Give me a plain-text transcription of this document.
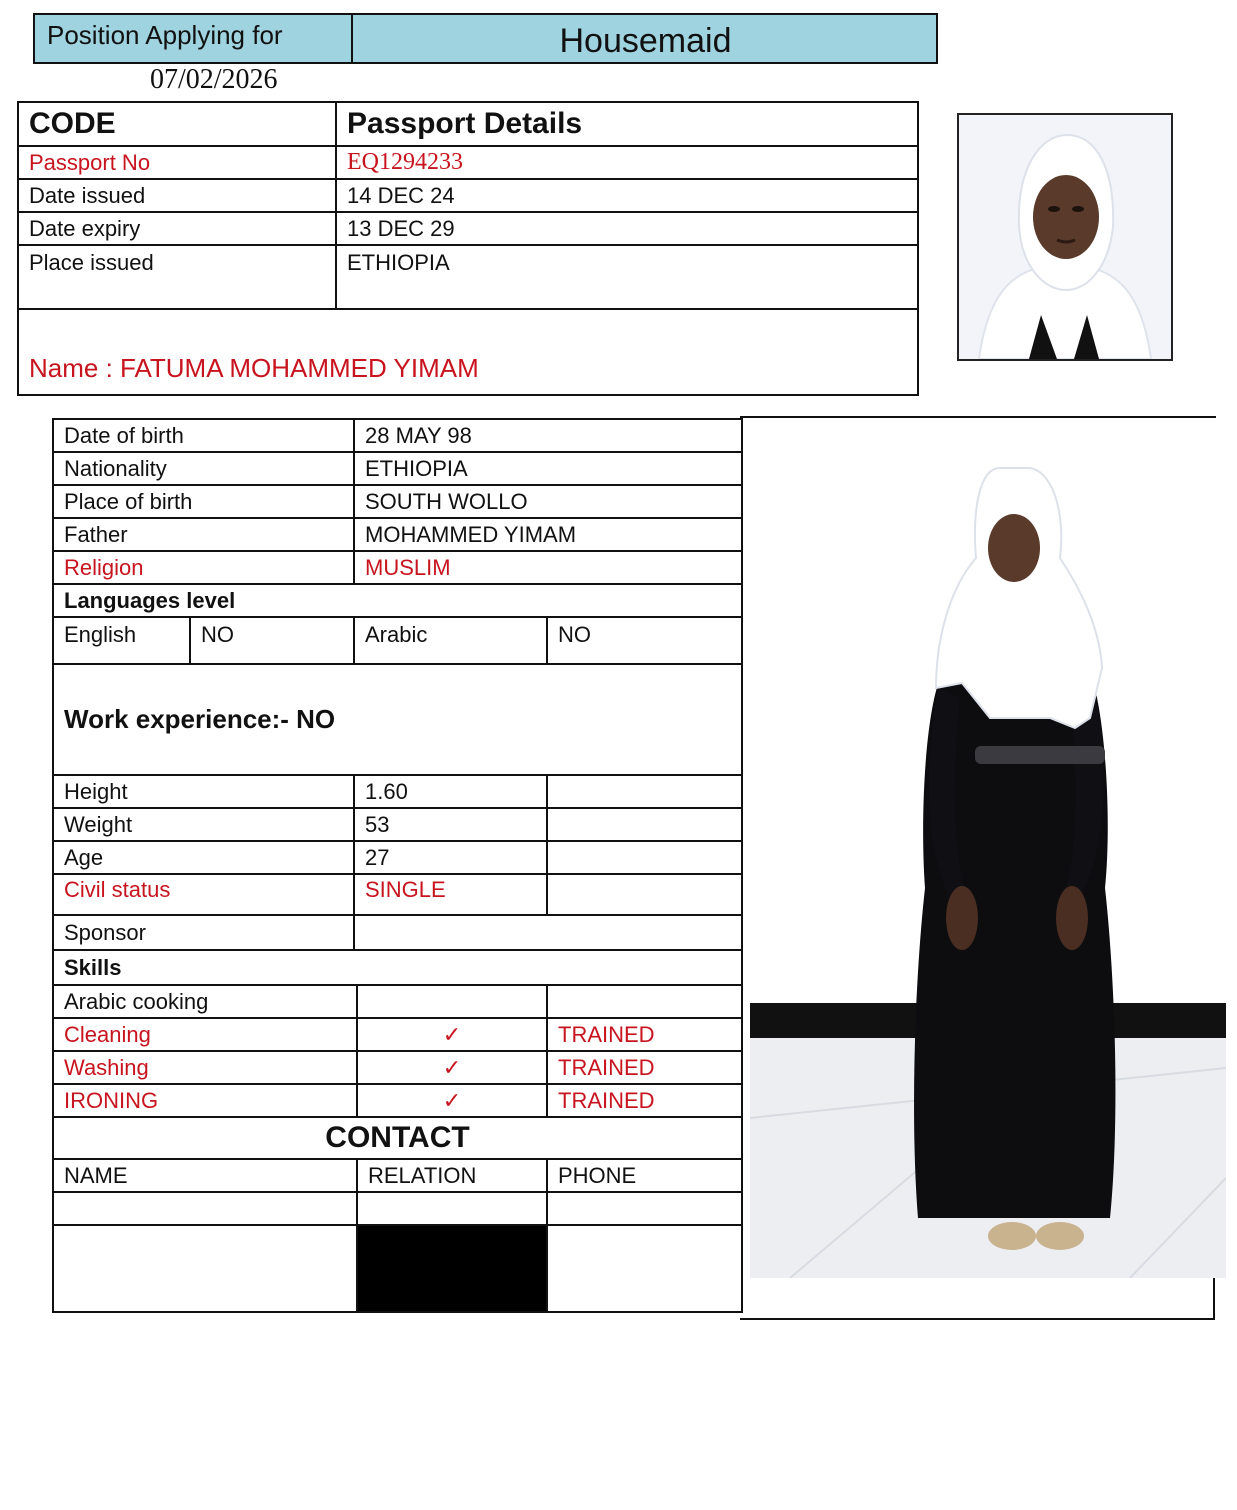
Position Applying for	Housemaid
07/02/2026
CODE	Passport Details
Passport No	EQ1294233
Date issued	14 DEC 24
Date expiry	13 DEC 29
Place issued	ETHIOPIA
Name : FATUMA MOHAMMED YIMAM	
Date of birth		28 MAY 98		
Nationality		ETHIOPIA		
Place of birth		SOUTH WOLLO		
Father		MOHAMMED YIMAM		
Religion		MUSLIM		
Languages level				
English	NO	Arabic		NO
Work experience:- NO				
Height		1.60		
Weight		53		
Age		27		
Civil status		SINGLE		
Sponsor				
Skills				
Arabic cooking				
Cleaning			✓	TRAINED
Washing			✓	TRAINED
IRONING			✓	TRAINED
CONTACT				
NAME			RELATION	PHONE
